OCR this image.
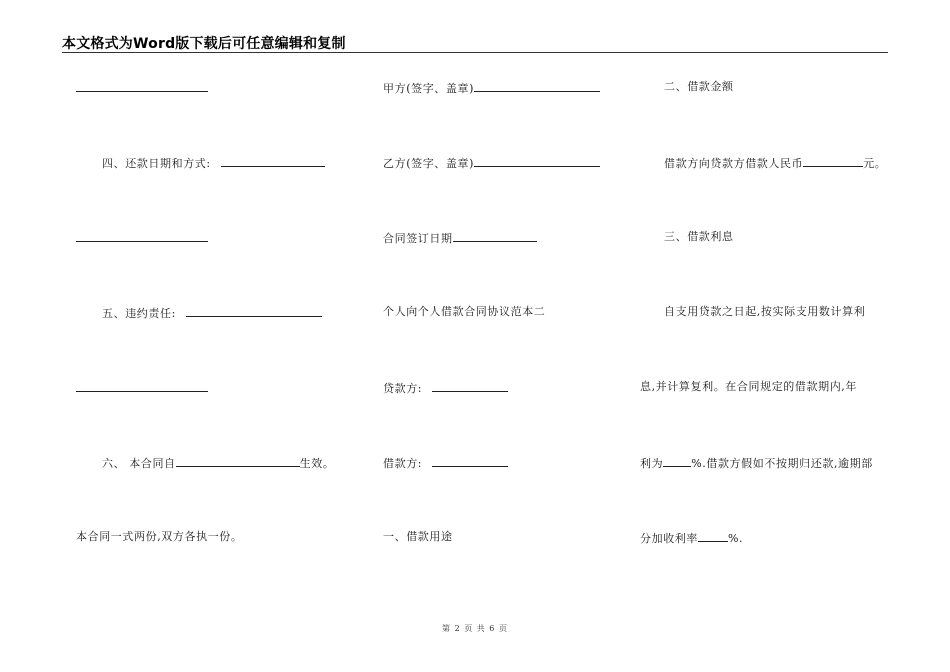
本文格式为Word版下载后可任意编辑和复制
四、还款日期和方式:
五、违约责任:
六、 本合同自	生效。
本合同一式两份,双方各执一份。
甲方(签字、盖章)
乙方(签字、盖章)
合同签订日期
个人向个人借款合同协议范本二
贷款方:
借款方:
一、借款用途
二、借款金额
借款方向贷款方借款人民币	元。
三、借款利息
自支用贷款之日起,按实际支用数计算利
息,并计算复利。在合同规定的借款期内,年
利为	%.借款方假如不按期归还款,逾期部
分加收利率	%.
第 2 页 共 6 页
